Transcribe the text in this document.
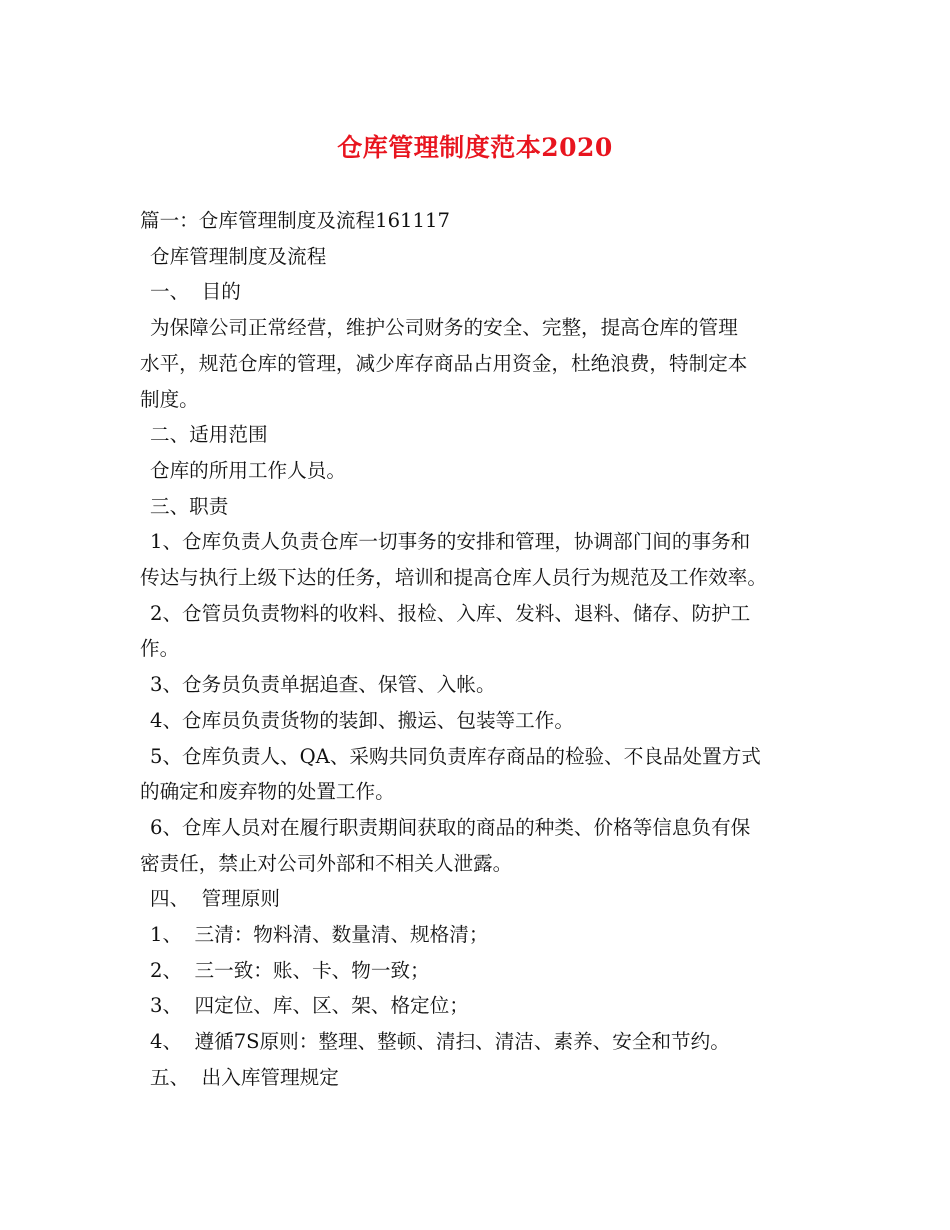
仓库管理制度范本2020

篇一：仓库管理制度及流程161117

仓库管理制度及流程

一、  目的

为保障公司正常经营，维护公司财务的安全、完整，提高仓库的管理

水平，规范仓库的管理，减少库存商品占用资金，杜绝浪费，特制定本

制度。

二、适用范围

仓库的所用工作人员。

三、职责

1、仓库负责人负责仓库一切事务的安排和管理，协调部门间的事务和

传达与执行上级下达的任务，培训和提高仓库人员行为规范及工作效率。

2、仓管员负责物料的收料、报检、入库、发料、退料、储存、防护工

作。

3、仓务员负责单据追查、保管、入帐。

4、仓库员负责货物的装卸、搬运、包装等工作。

5、仓库负责人、QA、采购共同负责库存商品的检验、不良品处置方式

的确定和废弃物的处置工作。

6、仓库人员对在履行职责期间获取的商品的种类、价格等信息负有保

密责任，禁止对公司外部和不相关人泄露。

四、  管理原则

1、  三清：物料清、数量清、规格清；

2、  三一致：账、卡、物一致；

3、  四定位、库、区、架、格定位；

4、  遵循7S原则：整理、整顿、清扫、清洁、素养、安全和节约。

五、  出入库管理规定
